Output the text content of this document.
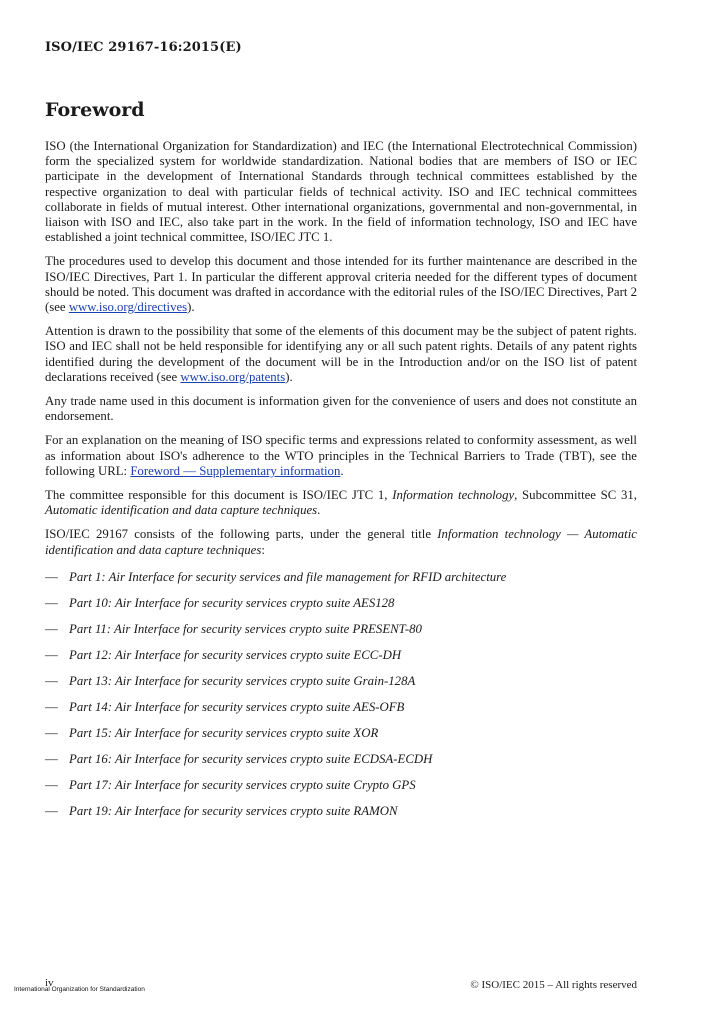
ISO/IEC 29167-16:2015(E)
Foreword

ISO (the International Organization for Standardization) and IEC (the International Electrotechnical Commission) form the specialized system for worldwide standardization. National bodies that are members of ISO or IEC participate in the development of International Standards through technical committees established by the respective organization to deal with particular fields of technical activity. ISO and IEC technical committees collaborate in fields of mutual interest. Other international organizations, governmental and non-governmental, in liaison with ISO and IEC, also take part in the work. In the field of information technology, ISO and IEC have established a joint technical committee, ISO/IEC JTC 1.

The procedures used to develop this document and those intended for its further maintenance are described in the ISO/IEC Directives, Part 1. In particular the different approval criteria needed for the different types of document should be noted. This document was drafted in accordance with the editorial rules of the ISO/IEC Directives, Part 2 (see www.iso.org/directives).

Attention is drawn to the possibility that some of the elements of this document may be the subject of patent rights. ISO and IEC shall not be held responsible for identifying any or all such patent rights. Details of any patent rights identified during the development of the document will be in the Introduction and/or on the ISO list of patent declarations received (see www.iso.org/patents).

Any trade name used in this document is information given for the convenience of users and does not constitute an endorsement.

For an explanation on the meaning of ISO specific terms and expressions related to conformity assessment, as well as information about ISO's adherence to the WTO principles in the Technical Barriers to Trade (TBT), see the following URL: Foreword — Supplementary information.

The committee responsible for this document is ISO/IEC JTC 1, Information technology, Subcommittee SC 31, Automatic identification and data capture techniques.

ISO/IEC 29167 consists of the following parts, under the general title Information technology — Automatic identification and data capture techniques:

— Part 1: Air Interface for security services and file management for RFID architecture
— Part 10: Air Interface for security services crypto suite AES128
— Part 11: Air Interface for security services crypto suite PRESENT-80
— Part 12: Air Interface for security services crypto suite ECC-DH
— Part 13: Air Interface for security services crypto suite Grain-128A
— Part 14: Air Interface for security services crypto suite AES-OFB
— Part 15: Air Interface for security services crypto suite XOR
— Part 16: Air Interface for security services crypto suite ECDSA-ECDH
— Part 17: Air Interface for security services crypto suite Crypto GPS
— Part 19: Air Interface for security services crypto suite RAMON
iv
International Organization for Standardization	© ISO/IEC 2015 – All rights reserved
